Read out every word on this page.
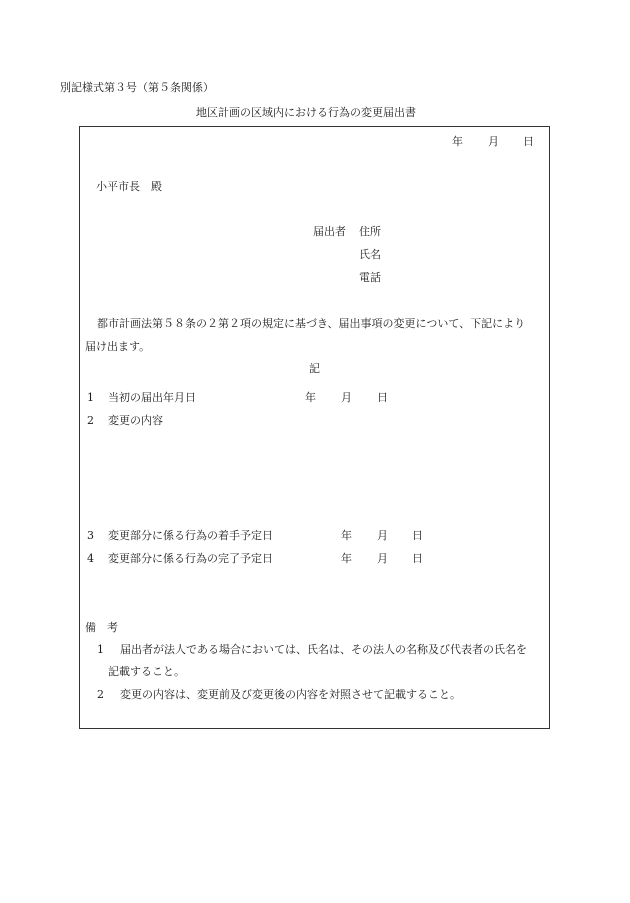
別記様式第３号（第５条関係）
地区計画の区域内における行為の変更届出書
年 月 日
小平市長　殿
届出者 住所
氏名
電話
都市計画法第５８条の２第２項の規定に基づき、届出事項の変更について、下記により
届け出ます。
記
1 当初の届出年月日	年 月 日
2 変更の内容
3 変更部分に係る行為の着手予定日	年 月 日
4 変更部分に係る行為の完了予定日	年 月 日
備　考
1 届出者が法人である場合においては、氏名は、その法人の名称及び代表者の氏名を
記載すること。
2 変更の内容は、変更前及び変更後の内容を対照させて記載すること。
